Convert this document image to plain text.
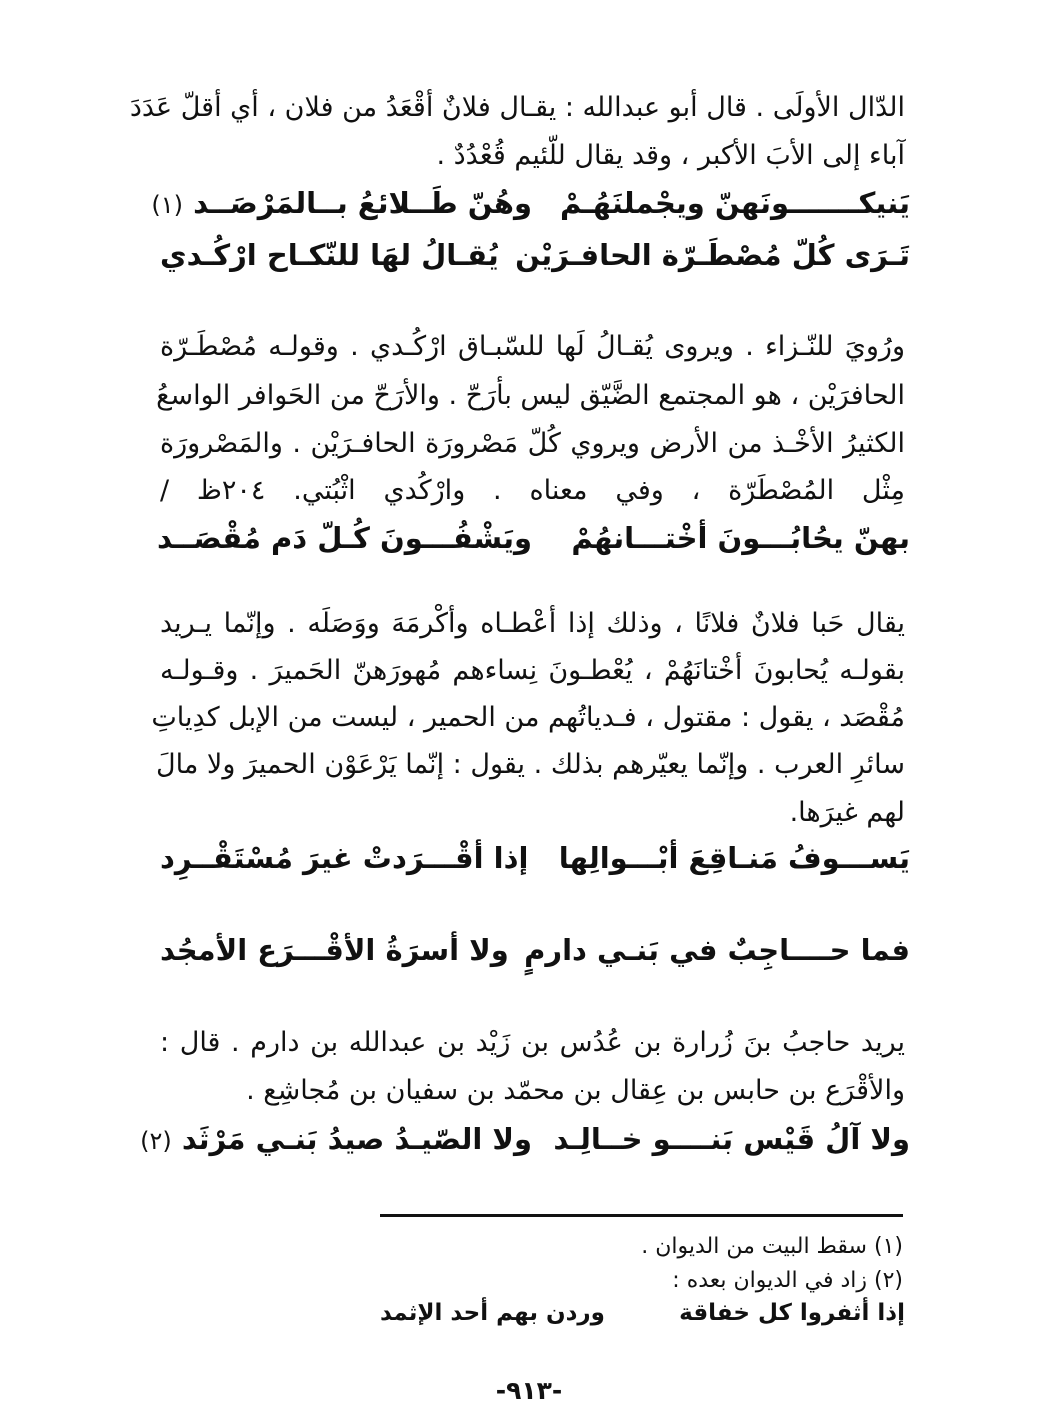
الدّال الأولَى . قال أبو عبدالله : يقـال فلانٌ أقْعَدُ من فلان ، أي أقلّ عَدَدَ
آباء إلى الأبَ الأكبر ، وقد يقال للّئيم قُعْدُدٌ .
يَنيكـــــــونَهنّ ويجْملنَهُـمْ
وهُنّ طَــلائعُ بــالمَرْصَــد (١)
تَـرَى كُلّ مُصْطَـرّة الحافـرَيْن
يُقـالُ لهَا للنّكـاح ارْكُـدي
ورُويَ للنّـزاء . ويروى يُقـالُ لَها للسّبـاق ارْكُـدي . وقولـه مُصْطَـرّة
الحافرَيْن ، هو المجتمع الضَّيّق ليس بأرَحّ . والأرَحّ من الحَوافر الواسعُ
الكثيرُ الأخْـذ من الأرض ويروي كُلّ مَصْرورَة الحافـرَيْن . والمَصْرورَة
مِثْل المُصْطَرّة ، وفي معناه . وارْكُدي اثْبُتي. ٢٠٤ظ /
بهنّ يحُابُـــونَ أخْتـــانهُمْ
ويَشْفُـــونَ كُـلّ دَم مُقْصَــد
يقال حَبا فلانٌ فلانًا ، وذلك إذا أعْطـاه وأكْرمَهَ ووَصَلَه . وإنّما يـريد
بقولـه يُحابونَ أخْتانَهُمْ ، يُعْطـونَ نِساءهم مُهورَهنّ الحَميرَ . وقـولـه
مُقْصَد ، يقول : مقتول ، فـدياتُهم من الحمير ، ليست من الإبل كدِياتِ
سائرِ العرب . وإنّما يعيّرهم بذلك . يقول : إنّما يَرْعَوْن الحميرَ ولا مالَ
لهم غيرَها.
يَســـوفُ مَنـاقِعَ أبْـــوالِها
إذا أقْـــرَدتْ غيرَ مُسْتَقْــرِد
فما حــــاجِبٌ في بَنـي دارمٍ
ولا أسرَةُ الأقْـــرَع الأمجُد
يريد حاجبُ بنَ زُرارة بن عُدُس بن زَيْد بن عبدالله بن دارم . قال :
والأقْرَع بن حابس بن عِقال بن محمّد بن سفيان بن مُجاشِع .
ولا آلُ قَيْس بَنــــو خــالِـد
ولا الصّيـدُ صيدُ بَنـي مَرْثَد (٢)
(١) سقط البيت من الديوان .
(٢) زاد في الديوان بعده :
إذا أثفروا كل خفاقة
وردن بهم أحد الإثمد
-٩١٣-
